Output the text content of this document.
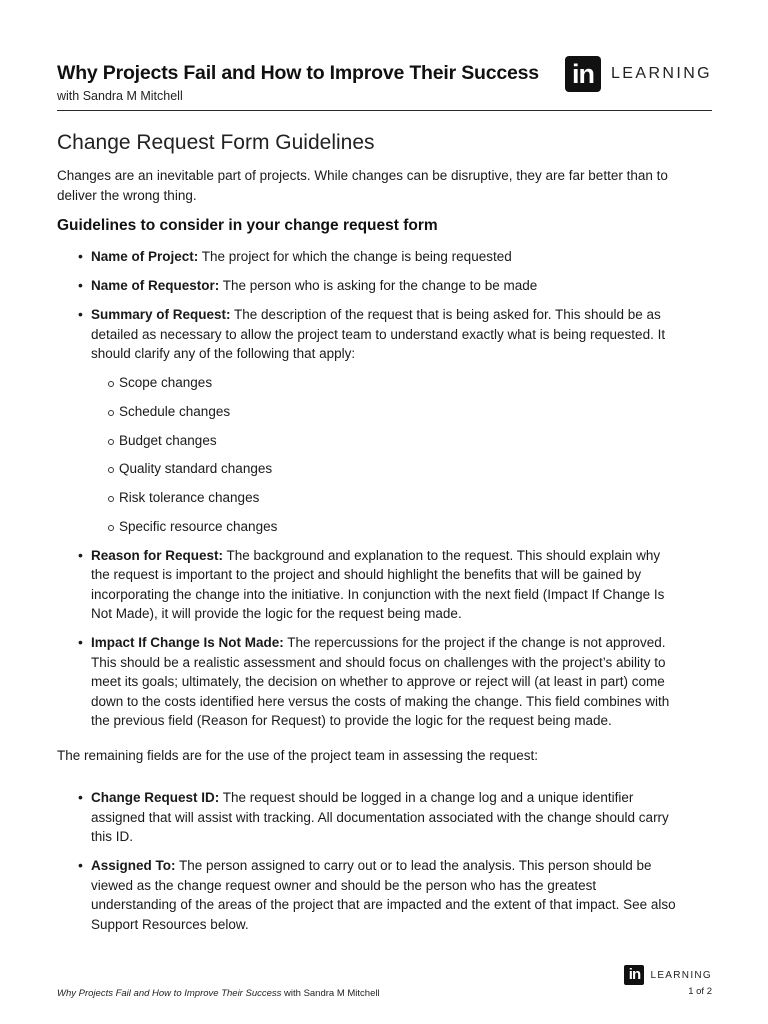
Why Projects Fail and How to Improve Their Success
with Sandra M Mitchell
in	LEARNING
Change Request Form Guidelines

Changes are an inevitable part of projects. While changes can be disruptive, they are far better than to deliver the wrong thing.

Guidelines to consider in your change request form
• Name of Project: The project for which the change is being requested
• Name of Requestor: The person who is asking for the change to be made
• Summary of Request: The description of the request that is being asked for. This should be as detailed as necessary to allow the project team to understand exactly what is being requested. It should clarify any of the following that apply:
Scope changes
Schedule changes
Budget changes
Quality standard changes
Risk tolerance changes
Specific resource changes
• Reason for Request: The background and explanation to the request. This should explain why the request is important to the project and should highlight the benefits that will be gained by incorporating the change into the initiative. In conjunction with the next field (Impact If Change Is Not Made), it will provide the logic for the request being made.
• Impact If Change Is Not Made: The repercussions for the project if the change is not approved. This should be a realistic assessment and should focus on challenges with the project’s ability to meet its goals; ultimately, the decision on whether to approve or reject will (at least in part) come down to the costs identified here versus the costs of making the change. This field combines with the previous field (Reason for Request) to provide the logic for the request being made.

The remaining fields are for the use of the project team in assessing the request:

• Change Request ID: The request should be logged in a change log and a unique identifier assigned that will assist with tracking. All documentation associated with the change should carry this ID.
• Assigned To: The person assigned to carry out or to lead the analysis. This person should be viewed as the change request owner and should be the person who has the greatest understanding of the areas of the project that are impacted and the extent of that impact. See also Support Resources below.
Why Projects Fail and How to Improve Their Success with Sandra M Mitchell
in	LEARNING
1 of 2
